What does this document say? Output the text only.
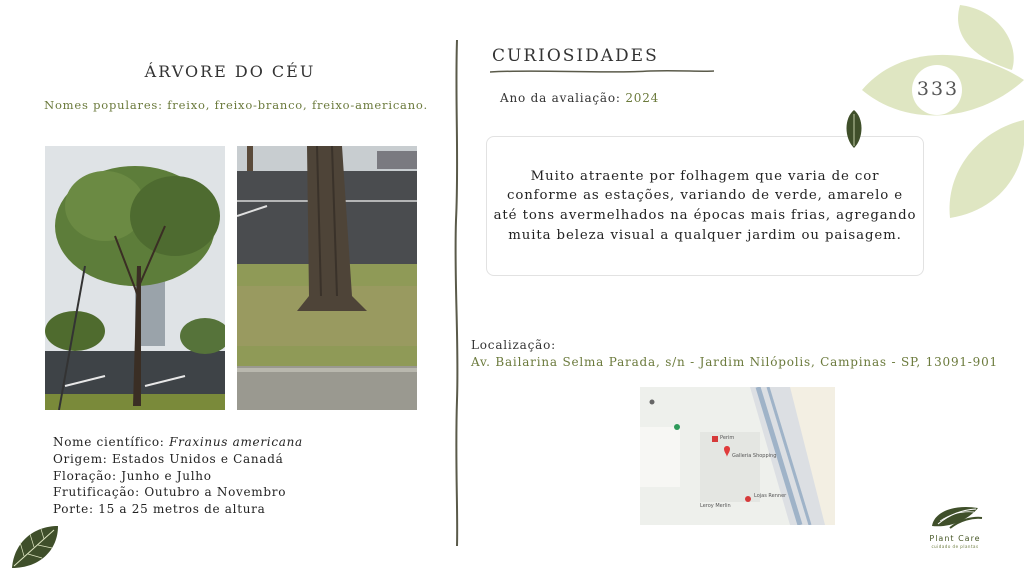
ÁRVORE DO CÉU
Nomes populares: freixo, freixo-branco, freixo-americano.
Nome científico: Fraxinus americana
Origem: Estados Unidos e Canadá
Floração: Junho e Julho
Frutificação: Outubro a Novembro
Porte: 15 a 25 metros de altura
CURIOSIDADES
Ano da avaliação: 2024

Muito atraente por folhagem que varia de cor conforme as estações, variando de verde, amarelo e até tons avermelhados na épocas mais frias, agregando muita beleza visual a qualquer jardim ou paisagem.

Localização:
Av. Bailarina Selma Parada, s/n - Jardim Nilópolis, Campinas - SP, 13091-901
Galleria Shopping
Perim
Lojas Renner
Leroy Merlin
333
Plant Care
cuidado de plantas
